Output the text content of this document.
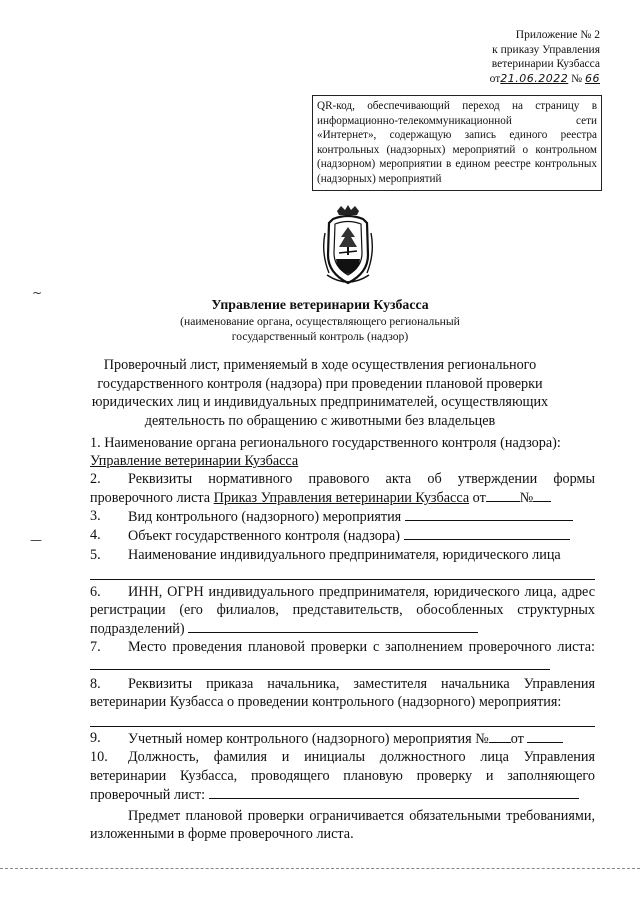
Приложение № 2
к приказу Управления
ветеринарии Кузбасса
от21.06.2022 № 66
QR-код, обеспечивающий переход на страницу в информационно-телекоммуникационной сети «Интернет», содержащую запись единого реестра контрольных (надзорных) мероприятий о контрольном (надзорном) мероприятии в едином реестре контрольных (надзорных) мероприятий
Управление ветеринарии Кузбасса
(наименование органа, осуществляющего региональный
государственный контроль (надзор)
Проверочный лист, применяемый в ходе осуществления регионального государственного контроля (надзора) при проведении плановой проверки юридических лиц и индивидуальных предпринимателей, осуществляющих деятельность по обращению с животными без владельцев
~
—

1. Наименование органа регионального государственного контроля (надзора):
Управление ветеринарии Кузбасса

2. Реквизиты нормативного правового акта об утверждении формы проверочного листа Приказ Управления ветеринарии Кузбасса от №

3.	Вид контрольного (надзорного) мероприятия
4.	Объект государственного контроля (надзора)
5.	Наименование индивидуального предпринимателя, юридического лица

6. ИНН, ОГРН индивидуального предпринимателя, юридического лица, адрес регистрации (его филиалов, представительств, обособленных структурных подразделений)

7. Место проведения плановой проверки с заполнением проверочного листа:

8. Реквизиты приказа начальника, заместителя начальника Управления ветеринарии Кузбасса о проведении контрольного (надзорного) мероприятия:

9.	Учетный номер контрольного (надзорного) мероприятия № от

10. Должность, фамилия и инициалы должностного лица Управления ветеринарии Кузбасса, проводящего плановую проверку и заполняющего проверочный лист:

Предмет плановой проверки ограничивается обязательными требованиями, изложенными в форме проверочного листа.
